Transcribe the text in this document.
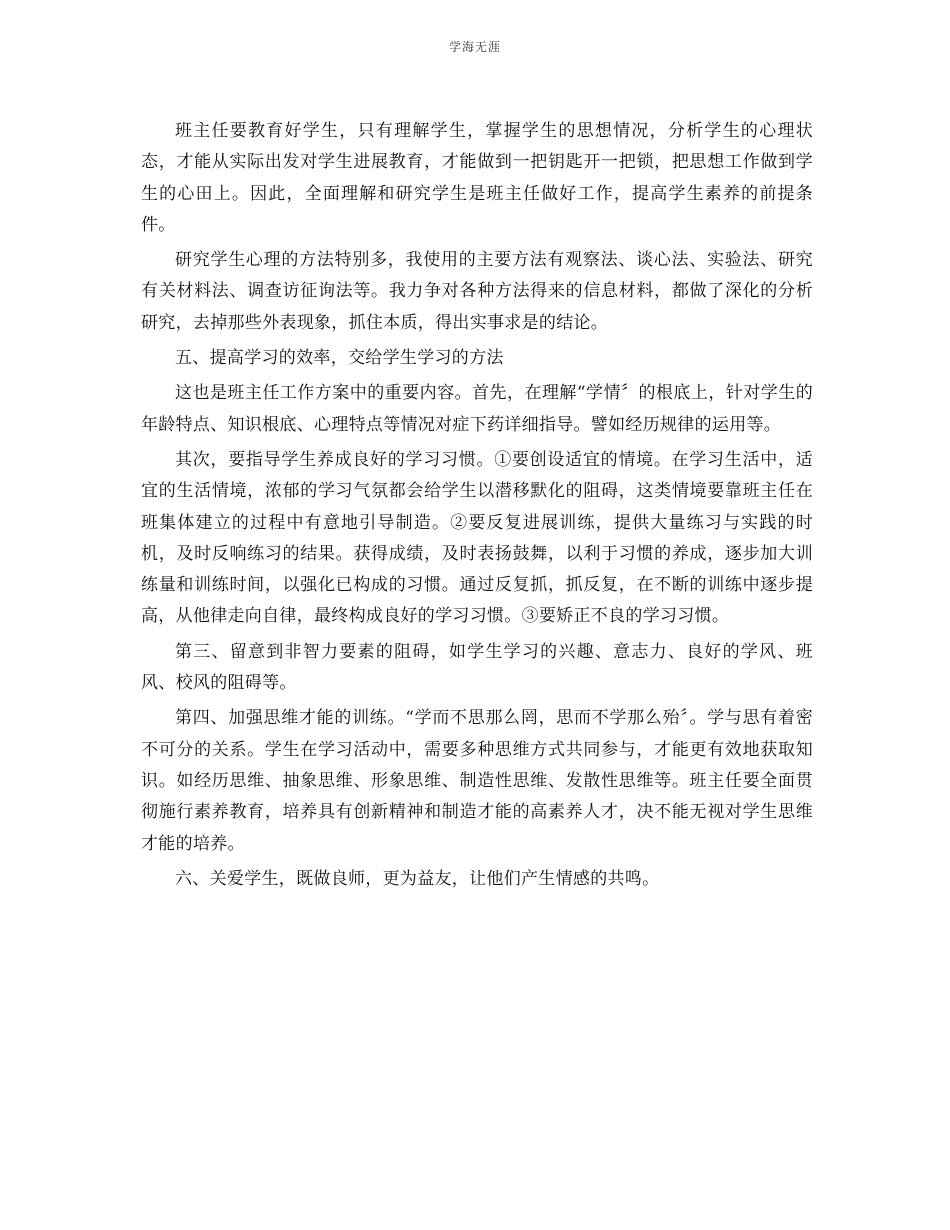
学海无涯

班主任要教育好学生，只有理解学生，掌握学生的思想情况，分析学生的心理状态，才能从实际出发对学生进展教育，才能做到一把钥匙开一把锁，把思想工作做到学生的心田上。因此，全面理解和研究学生是班主任做好工作，提高学生素养的前提条件。

研究学生心理的方法特别多，我使用的主要方法有观察法、谈心法、实验法、研究有关材料法、调查访征询法等。我力争对各种方法得来的信息材料，都做了深化的分析研究，去掉那些外表现象，抓住本质，得出实事求是的结论。

五、提高学习的效率，交给学生学习的方法

这也是班主任工作方案中的重要内容。首先，在理解“学情〞的根底上，针对学生的年龄特点、知识根底、心理特点等情况对症下药详细指导。譬如经历规律的运用等。

其次，要指导学生养成良好的学习习惯。①要创设适宜的情境。在学习生活中，适宜的生活情境，浓郁的学习气氛都会给学生以潜移默化的阻碍，这类情境要靠班主任在班集体建立的过程中有意地引导制造。②要反复进展训练，提供大量练习与实践的时机，及时反响练习的结果。获得成绩，及时表扬鼓舞，以利于习惯的养成，逐步加大训练量和训练时间，以强化已构成的习惯。通过反复抓，抓反复，在不断的训练中逐步提高，从他律走向自律，最终构成良好的学习习惯。③要矫正不良的学习习惯。

第三、留意到非智力要素的阻碍，如学生学习的兴趣、意志力、良好的学风、班风、校风的阻碍等。

第四、加强思维才能的训练。“学而不思那么罔，思而不学那么殆〞。学与思有着密不可分的关系。学生在学习活动中，需要多种思维方式共同参与，才能更有效地获取知识。如经历思维、抽象思维、形象思维、制造性思维、发散性思维等。班主任要全面贯彻施行素养教育，培养具有创新精神和制造才能的高素养人才，决不能无视对学生思维才能的培养。

六、关爱学生，既做良师，更为益友，让他们产生情感的共鸣。
